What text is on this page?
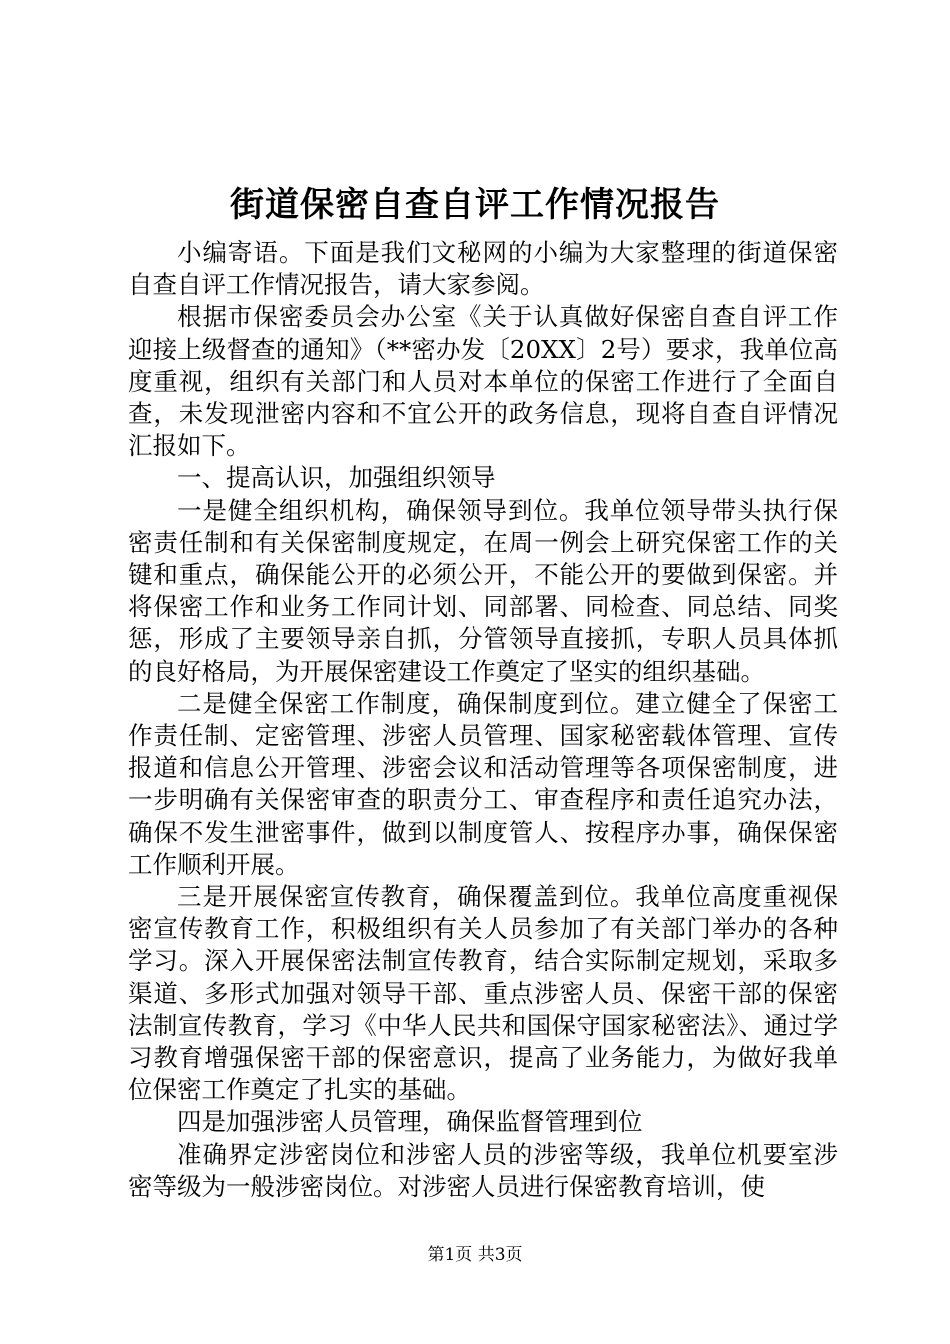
街道保密自查自评工作情况报告

小编寄语。下面是我们文秘网的小编为大家整理的街道保密自查自评工作情况报告，请大家参阅。

根据市保密委员会办公室《关于认真做好保密自查自评工作迎接上级督查的通知》（**密办发〔20XX〕2号）要求，我单位高度重视，组织有关部门和人员对本单位的保密工作进行了全面自查，未发现泄密内容和不宜公开的政务信息，现将自查自评情况汇报如下。

一、提高认识，加强组织领导

一是健全组织机构，确保领导到位。我单位领导带头执行保密责任制和有关保密制度规定，在周一例会上研究保密工作的关键和重点，确保能公开的必须公开，不能公开的要做到保密。并将保密工作和业务工作同计划、同部署、同检查、同总结、同奖惩，形成了主要领导亲自抓，分管领导直接抓，专职人员具体抓的良好格局，为开展保密建设工作奠定了坚实的组织基础。

二是健全保密工作制度，确保制度到位。建立健全了保密工作责任制、定密管理、涉密人员管理、国家秘密载体管理、宣传报道和信息公开管理、涉密会议和活动管理等各项保密制度，进一步明确有关保密审查的职责分工、审查程序和责任追究办法，确保不发生泄密事件，做到以制度管人、按程序办事，确保保密工作顺利开展。

三是开展保密宣传教育，确保覆盖到位。我单位高度重视保密宣传教育工作，积极组织有关人员参加了有关部门举办的各种学习。深入开展保密法制宣传教育，结合实际制定规划，采取多渠道、多形式加强对领导干部、重点涉密人员、保密干部的保密法制宣传教育，学习《中华人民共和国保守国家秘密法》、通过学习教育增强保密干部的保密意识，提高了业务能力，为做好我单位保密工作奠定了扎实的基础。

四是加强涉密人员管理，确保监督管理到位

准确界定涉密岗位和涉密人员的涉密等级，我单位机要室涉密等级为一般涉密岗位。对涉密人员进行保密教育培训，使

第1页 共3页
